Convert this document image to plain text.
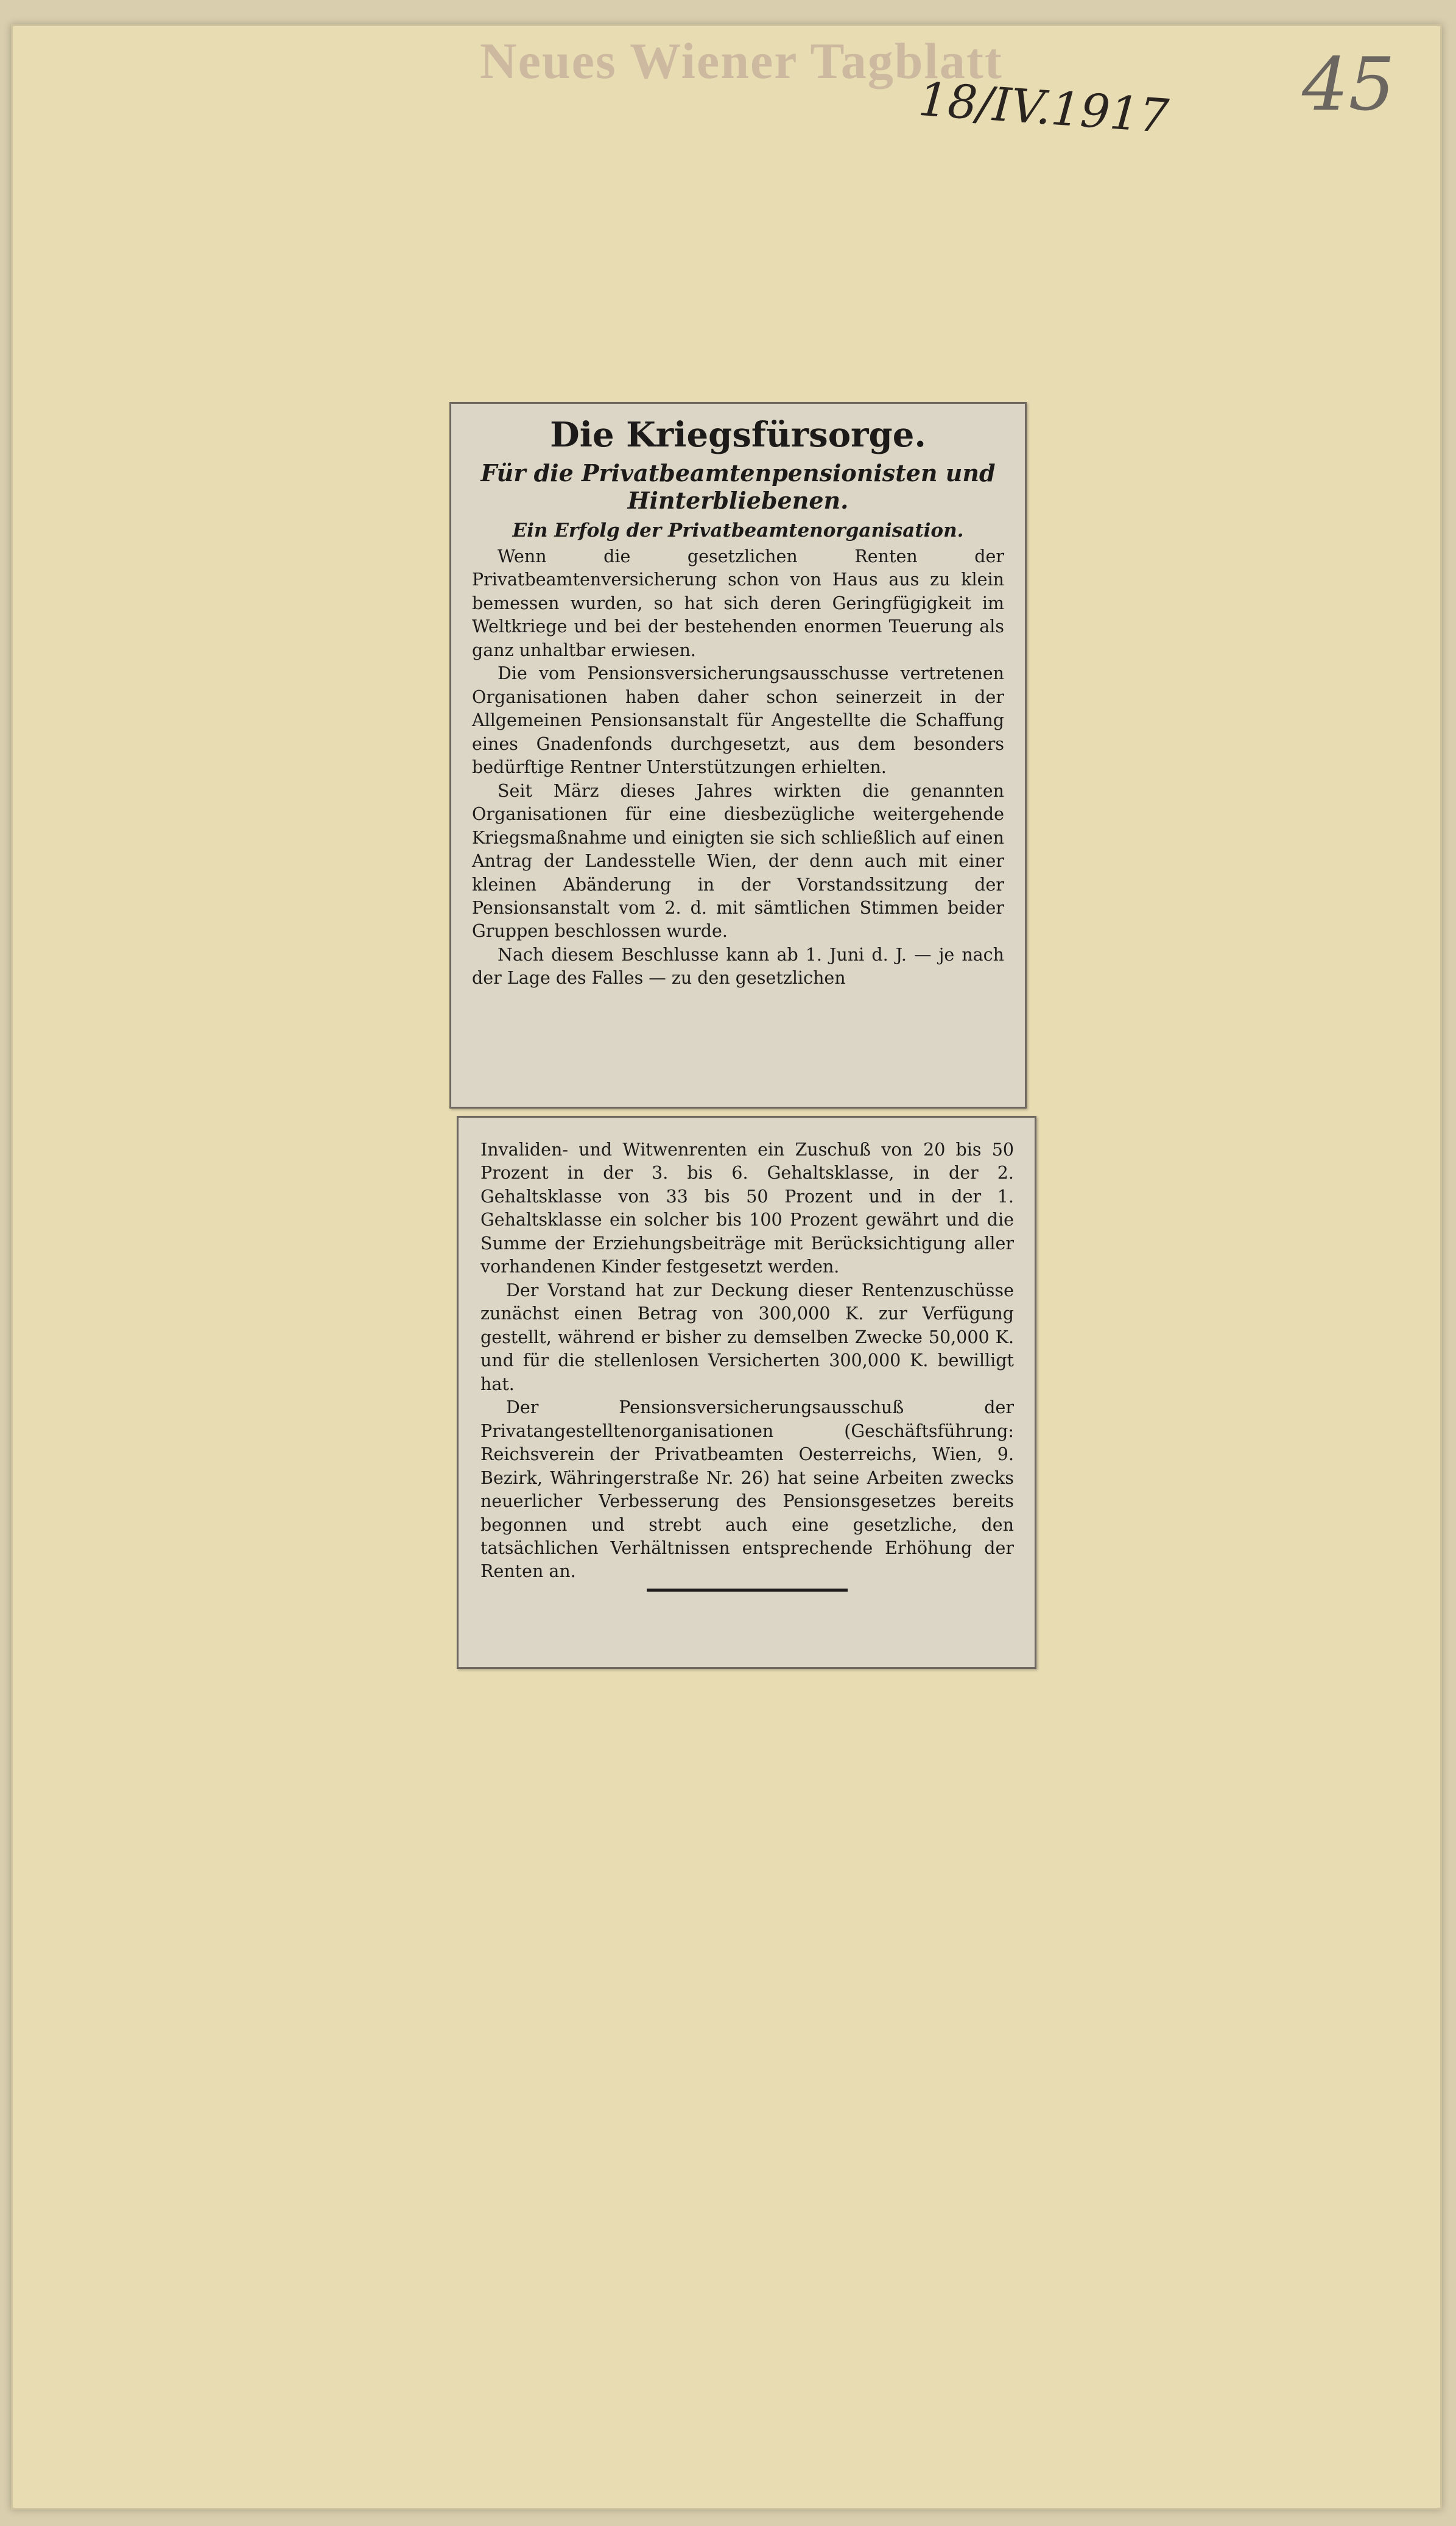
Neues Wiener Tagblatt
18/IV.1917 45
Die Kriegsfürsorge.
Für die Privatbeamtenpensionisten und Hinterbliebenen.
Ein Erfolg der Privatbeamtenorganisation.

Wenn die gesetzlichen Renten der Privatbeamtenversicherung schon von Haus aus zu klein bemessen wurden, so hat sich deren Geringfügigkeit im Weltkriege und bei der bestehenden enormen Teuerung als ganz unhaltbar erwiesen.

Die vom Pensionsversicherungsausschusse vertretenen Organisationen haben daher schon seinerzeit in der Allgemeinen Pensionsanstalt für Angestellte die Schaffung eines Gnadenfonds durchgesetzt, aus dem besonders bedürftige Rentner Unterstützungen erhielten.

Seit März dieses Jahres wirkten die genannten Organisationen für eine diesbezügliche weitergehende Kriegsmaßnahme und einigten sie sich schließlich auf einen Antrag der Landesstelle Wien, der denn auch mit einer kleinen Abänderung in der Vorstandssitzung der Pensionsanstalt vom 2. d. mit sämtlichen Stimmen beider Gruppen beschlossen wurde.

Nach diesem Beschlusse kann ab 1. Juni d. J. — je nach der Lage des Falles — zu den gesetzlichen

Invaliden- und Witwenrenten ein Zuschuß von 20 bis 50 Prozent in der 3. bis 6. Gehaltsklasse, in der 2. Gehaltsklasse von 33 bis 50 Prozent und in der 1. Gehaltsklasse ein solcher bis 100 Prozent gewährt und die Summe der Erziehungsbeiträge mit Berücksichtigung aller vorhandenen Kinder festgesetzt werden.

Der Vorstand hat zur Deckung dieser Rentenzuschüsse zunächst einen Betrag von 300,000 K. zur Verfügung gestellt, während er bisher zu demselben Zwecke 50,000 K. und für die stellenlosen Versicherten 300,000 K. bewilligt hat.

Der Pensionsversicherungsausschuß der Privatangestelltenorganisationen (Geschäftsführung: Reichsverein der Privatbeamten Oesterreichs, Wien, 9. Bezirk, Währingerstraße Nr. 26) hat seine Arbeiten zwecks neuerlicher Verbesserung des Pensionsgesetzes bereits begonnen und strebt auch eine gesetzliche, den tatsächlichen Verhältnissen entsprechende Erhöhung der Renten an.
